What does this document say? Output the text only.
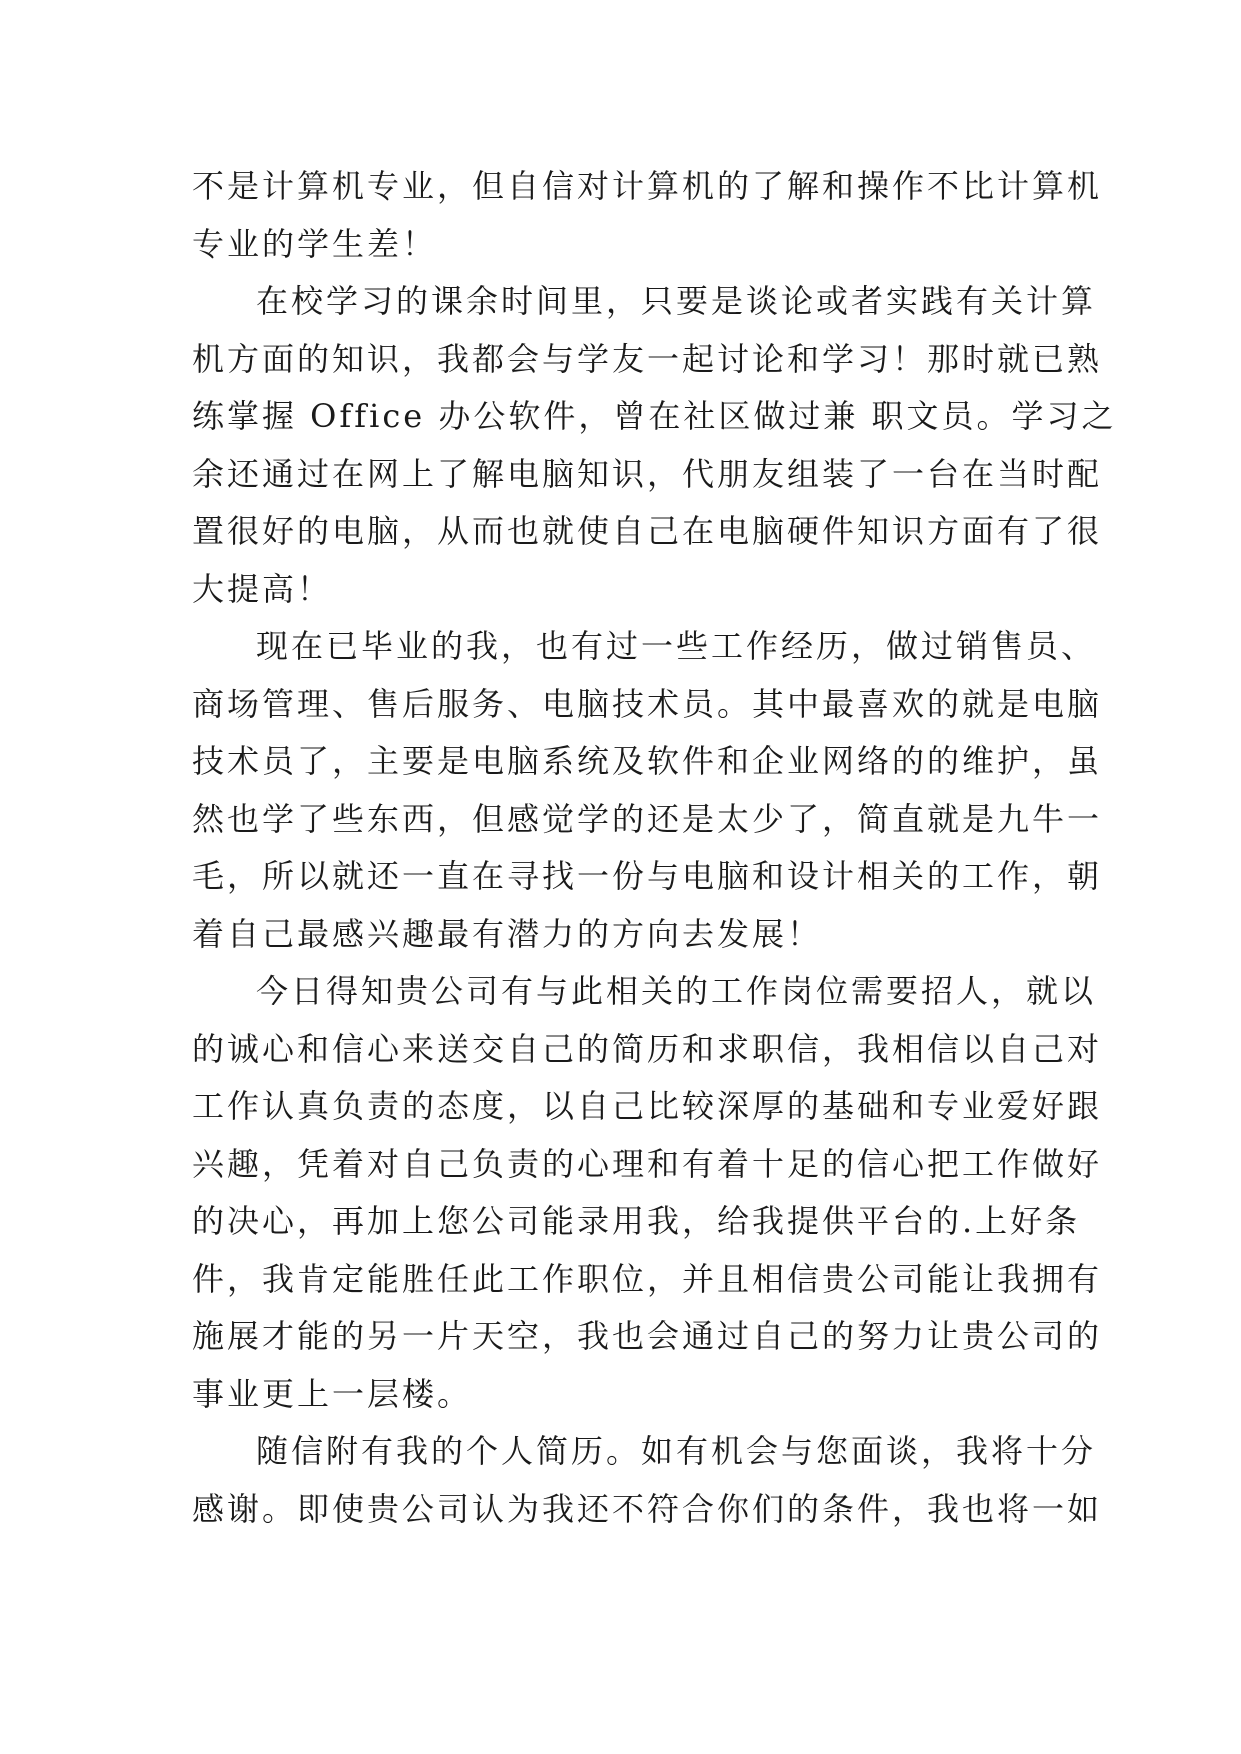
不是计算机专业，但自信对计算机的了解和操作不比计算机
专业的学生差！
在校学习的课余时间里，只要是谈论或者实践有关计算
机方面的知识，我都会与学友一起讨论和学习！那时就已熟
练掌握 Office 办公软件，曾在社区做过兼 职文员。学习之
余还通过在网上了解电脑知识，代朋友组装了一台在当时配
置很好的电脑，从而也就使自己在电脑硬件知识方面有了很
大提高！
现在已毕业的我，也有过一些工作经历，做过销售员、
商场管理、售后服务、电脑技术员。其中最喜欢的就是电脑
技术员了，主要是电脑系统及软件和企业网络的的维护，虽
然也学了些东西，但感觉学的还是太少了，简直就是九牛一
毛，所以就还一直在寻找一份与电脑和设计相关的工作，朝
着自己最感兴趣最有潜力的方向去发展！
今日得知贵公司有与此相关的工作岗位需要招人，就以
的诚心和信心来送交自己的简历和求职信，我相信以自己对
工作认真负责的态度，以自己比较深厚的基础和专业爱好跟
兴趣，凭着对自己负责的心理和有着十足的信心把工作做好
的决心，再加上您公司能录用我，给我提供平台的.上好条
件，我肯定能胜任此工作职位，并且相信贵公司能让我拥有
施展才能的另一片天空，我也会通过自己的努力让贵公司的
事业更上一层楼。
随信附有我的个人简历。如有机会与您面谈，我将十分
感谢。即使贵公司认为我还不符合你们的条件，我也将一如
